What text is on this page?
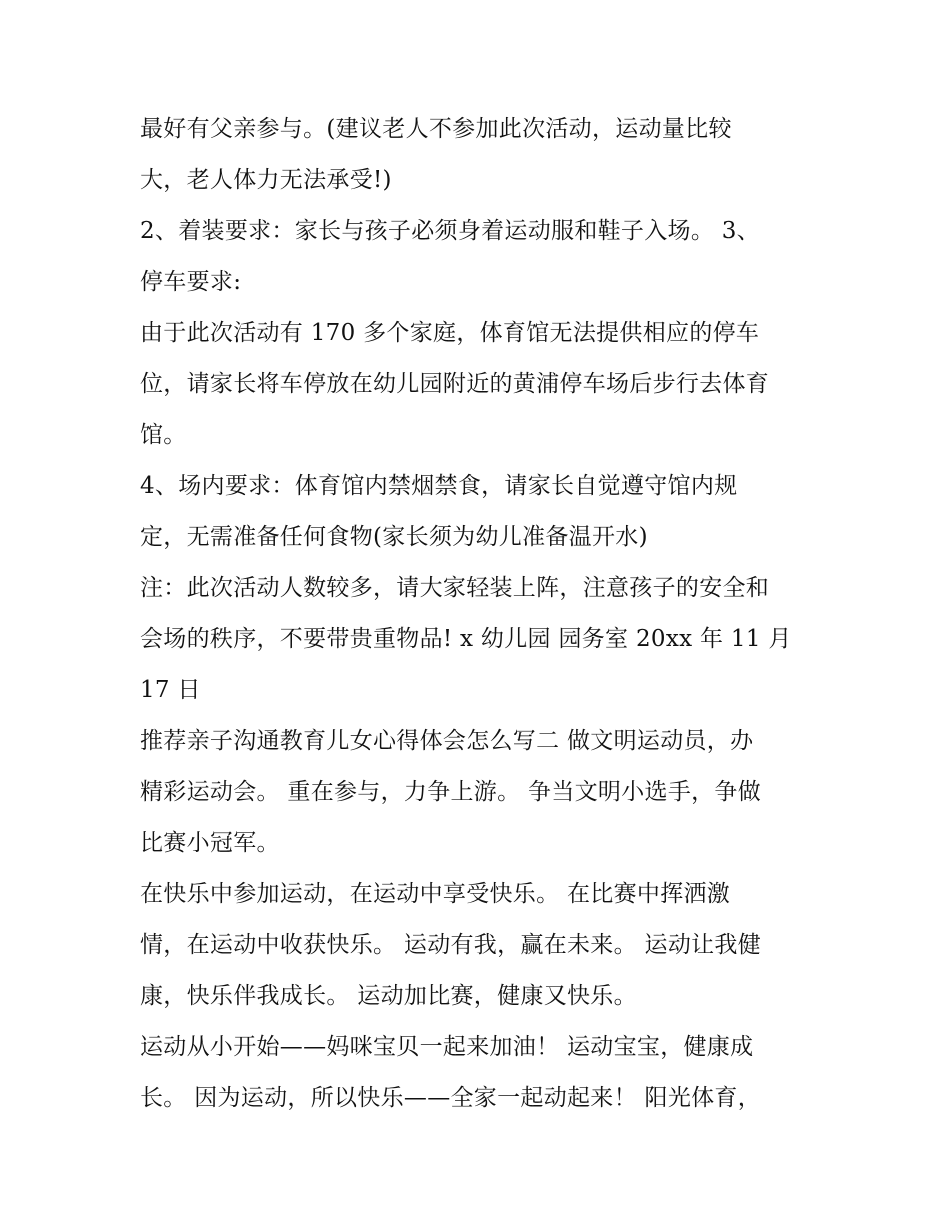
最好有父亲参与。(建议老人不参加此次活动，运动量比较
大，老人体力无法承受!)
2、着装要求：家长与孩子必须身着运动服和鞋子入场。 3、
停车要求:
由于此次活动有 170 多个家庭，体育馆无法提供相应的停车
位，请家长将车停放在幼儿园附近的黄浦停车场后步行去体育
馆。
4、场内要求：体育馆内禁烟禁食，请家长自觉遵守馆内规
定，无需准备任何食物(家长须为幼儿准备温开水)
注：此次活动人数较多，请大家轻装上阵，注意孩子的安全和
会场的秩序，不要带贵重物品! x 幼儿园 园务室 20xx 年 11 月
17 日
推荐亲子沟通教育儿女心得体会怎么写二 做文明运动员，办
精彩运动会。 重在参与，力争上游。 争当文明小选手，争做
比赛小冠军。
在快乐中参加运动，在运动中享受快乐。 在比赛中挥洒激
情，在运动中收获快乐。 运动有我，赢在未来。 运动让我健
康，快乐伴我成长。 运动加比赛，健康又快乐。
运动从小开始——妈咪宝贝一起来加油！ 运动宝宝，健康成
长。 因为运动，所以快乐——全家一起动起来！ 阳光体育，
